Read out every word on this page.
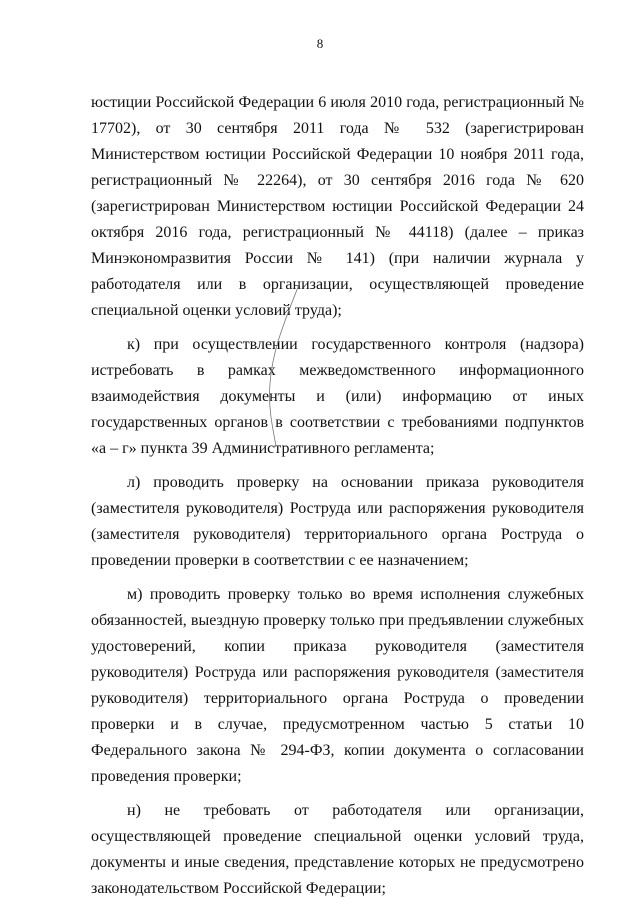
8

юстиции Российской Федерации 6 июля 2010 года, регистрационный № 17702), от 30 сентября 2011 года № 532 (зарегистрирован Министерством юстиции Российской Федерации 10 ноября 2011 года, регистрационный № 22264), от 30 сентября 2016 года № 620 (зарегистрирован Министерством юстиции Российской Федерации 24 октября 2016 года, регистрационный № 44118) (далее – приказ Минэкономразвития России № 141) (при наличии журнала у работодателя или в организации, осуществляющей проведение специальной оценки условий труда);

к) при осуществлении государственного контроля (надзора) истребовать в рамках межведомственного информационного взаимодействия документы и (или) информацию от иных государственных органов в соответствии с требованиями подпунктов «а – г» пункта 39 Административного регламента;

л) проводить проверку на основании приказа руководителя (заместителя руководителя) Роструда или распоряжения руководителя (заместителя руководителя) территориального органа Роструда о проведении проверки в соответствии с ее назначением;

м) проводить проверку только во время исполнения служебных обязанностей, выездную проверку только при предъявлении служебных удостоверений, копии приказа руководителя (заместителя руководителя) Роструда или распоряжения руководителя (заместителя руководителя) территориального органа Роструда о проведении проверки и в случае, предусмотренном частью 5 статьи 10 Федерального закона № 294-ФЗ, копии документа о согласовании проведения проверки;

н) не требовать от работодателя или организации, осуществляющей проведение специальной оценки условий труда, документы и иные сведения, представление которых не предусмотрено законодательством Российской Федерации;
